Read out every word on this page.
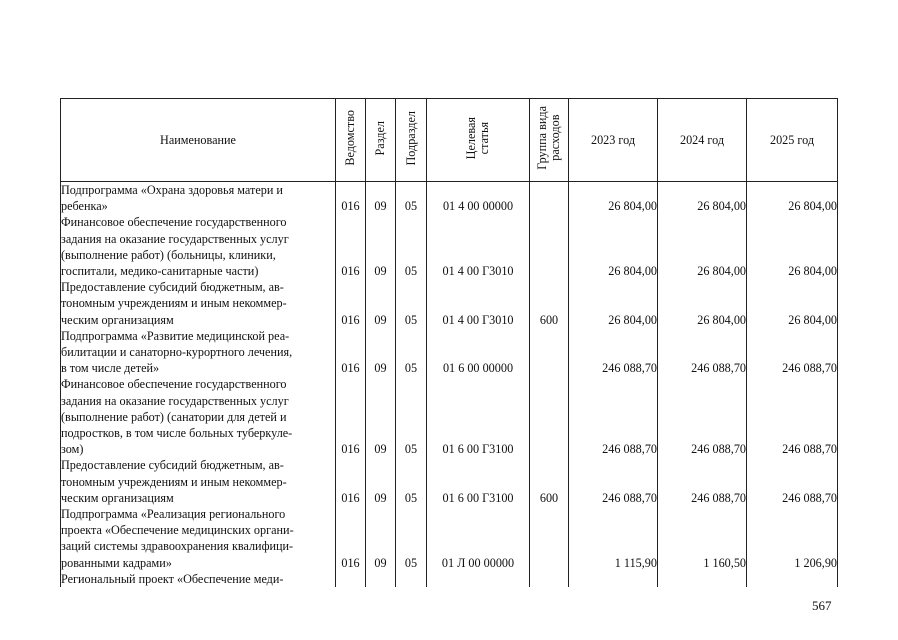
Наименование	Ведомство	Раздел	Подраздел	Целевая
статья	Группа вида
расходов	2023 год	2024 год	2025 год

Подпрограмма «Охрана здоровья матери и
ребенка»	016	09	05	01 4 00 00000		26 804,00	26 804,00	26 804,00

Финансовое обеспечение государственного
задания на оказание государственных услуг
(выполнение работ) (больницы, клиники,
госпитали, медико-санитарные части)	016	09	05	01 4 00 Г3010		26 804,00	26 804,00	26 804,00

Предоставление субсидий бюджетным, ав-
тономным учреждениям и иным некоммер-
ческим организациям	016	09	05	01 4 00 Г3010	600	26 804,00	26 804,00	26 804,00

Подпрограмма «Развитие медицинской реа-
билитации и санаторно-курортного лечения,
в том числе детей»	016	09	05	01 6 00 00000		246 088,70	246 088,70	246 088,70

Финансовое обеспечение государственного
задания на оказание государственных услуг
(выполнение работ) (санатории для детей и
подростков, в том числе больных туберкуле-
зом)	016	09	05	01 6 00 Г3100		246 088,70	246 088,70	246 088,70

Предоставление субсидий бюджетным, ав-
тономным учреждениям и иным некоммер-
ческим организациям	016	09	05	01 6 00 Г3100	600	246 088,70	246 088,70	246 088,70

Подпрограмма «Реализация регионального
проекта «Обеспечение медицинских органи-
заций системы здравоохранения квалифици-
рованными кадрами»	016	09	05	01 Л 00 00000		1 115,90	1 160,50	1 206,90

Региональный проект «Обеспечение меди-								

567
